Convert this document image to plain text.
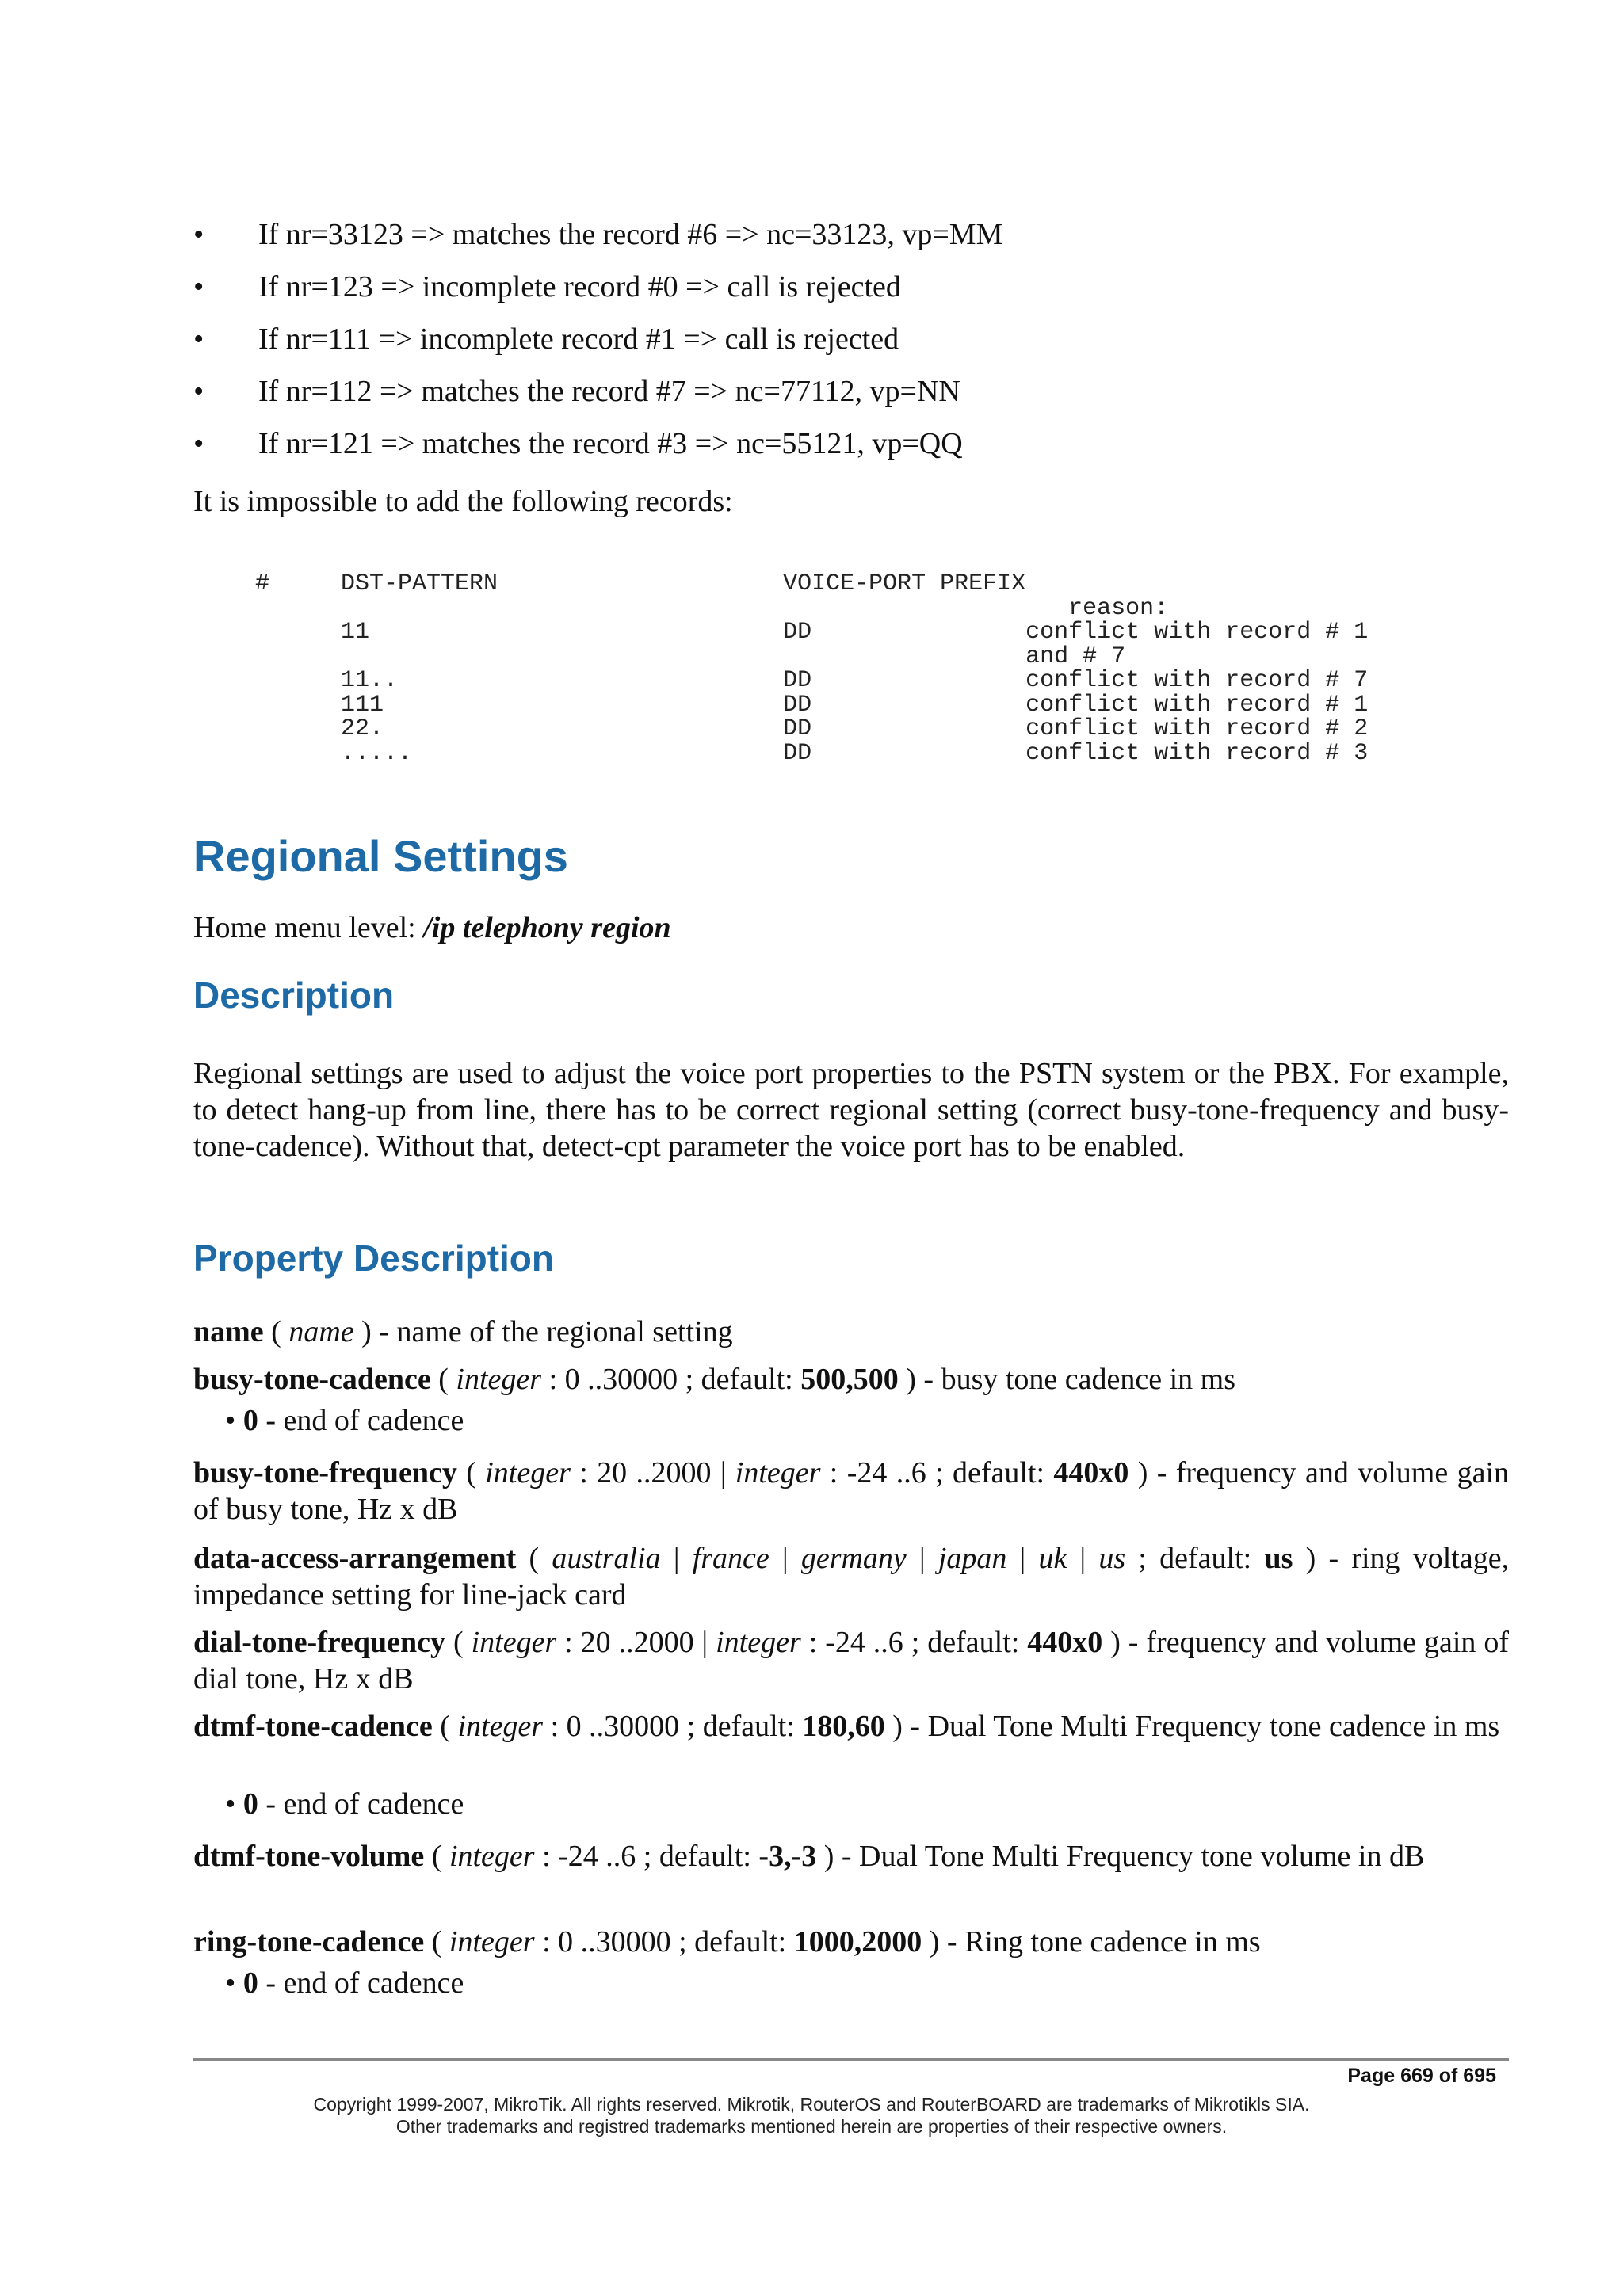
• If nr=33123 => matches the record #6 => nc=33123, vp=MM
• If nr=123 => incomplete record #0 => call is rejected
• If nr=111 => incomplete record #1 => call is rejected
• If nr=112 => matches the record #7 => nc=77112, vp=NN
• If nr=121 => matches the record #3 => nc=55121, vp=QQ

It is impossible to add the following records:

#     DST-PATTERN                    VOICE-PORT PREFIX
reason:
11                             DD               conflict with record # 1
and # 7
11..                           DD               conflict with record # 7
111                            DD               conflict with record # 1
22.                            DD               conflict with record # 2
.....                          DD               conflict with record # 3
Regional Settings

Home menu level: /ip telephony region

Description

Regional settings are used to adjust the voice port properties to the PSTN system or the PBX. For example, to detect hang-up from line, there has to be correct regional setting (correct busy-tone-frequency and busy-tone-cadence). Without that, detect-cpt parameter the voice port has to be enabled.

Property Description
name ( name ) - name of the regional setting
busy-tone-cadence ( integer : 0 ..30000 ; default: 500,500 ) - busy tone cadence in ms
• 0 - end of cadence
busy-tone-frequency ( integer : 20 ..2000 | integer : -24 ..6 ; default: 440x0 ) - frequency and volume gain of busy tone, Hz x dB
data-access-arrangement ( australia | france | germany | japan | uk | us ; default: us ) - ring voltage, impedance setting for line-jack card
dial-tone-frequency ( integer : 20 ..2000 | integer : -24 ..6 ; default: 440x0 ) - frequency and volume gain of dial tone, Hz x dB
dtmf-tone-cadence ( integer : 0 ..30000 ; default: 180,60 ) - Dual Tone Multi Frequency tone cadence in ms
• 0 - end of cadence
dtmf-tone-volume ( integer : -24 ..6 ; default: -3,-3 ) - Dual Tone Multi Frequency tone volume in dB
ring-tone-cadence ( integer : 0 ..30000 ; default: 1000,2000 ) - Ring tone cadence in ms
• 0 - end of cadence
Page 669 of 695
Copyright 1999-2007, MikroTik. All rights reserved. Mikrotik, RouterOS and RouterBOARD are trademarks of Mikrotikls SIA.
Other trademarks and registred trademarks mentioned herein are properties of their respective owners.
